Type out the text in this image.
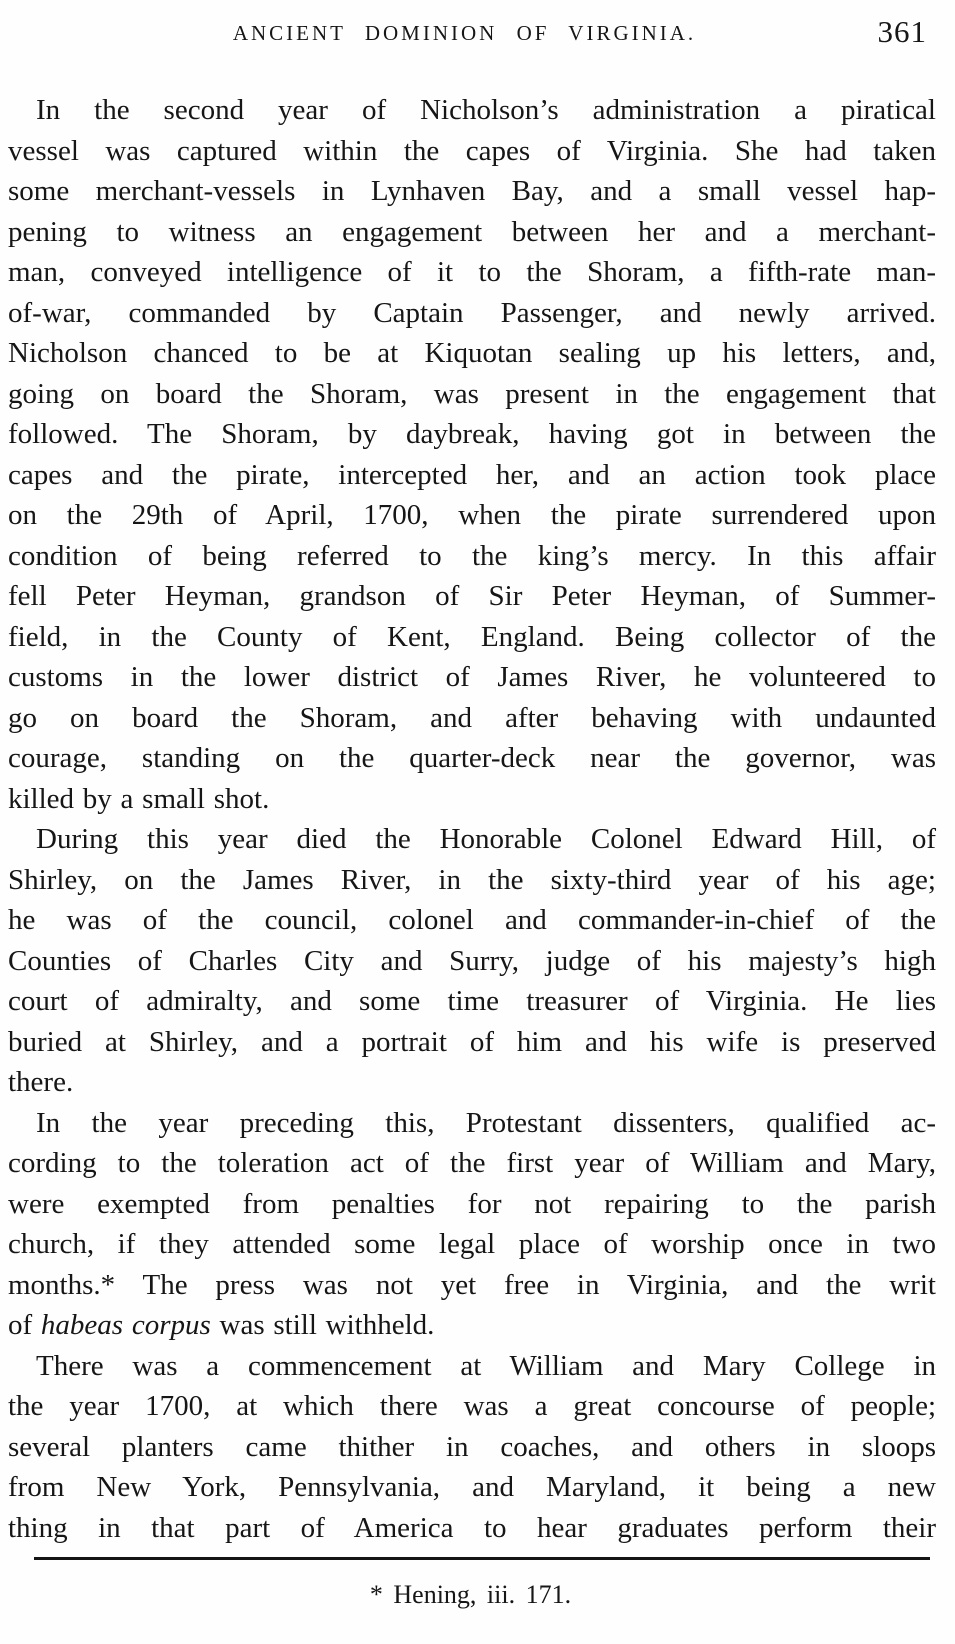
ANCIENT DOMINION OF VIRGINIA.	361
In the second year of Nicholson’s administration a piratical
vessel was captured within the capes of Virginia. She had taken
some merchant-vessels in Lynhaven Bay, and a small vessel hap-
pening to witness an engagement between her and a merchant-
man, conveyed intelligence of it to the Shoram, a fifth-rate man-
of-war, commanded by Captain Passenger, and newly arrived.
Nicholson chanced to be at Kiquotan sealing up his letters, and,
going on board the Shoram, was present in the engagement that
followed. The Shoram, by daybreak, having got in between the
capes and the pirate, intercepted her, and an action took place
on the 29th of April, 1700, when the pirate surrendered upon
condition of being referred to the king’s mercy. In this affair
fell Peter Heyman, grandson of Sir Peter Heyman, of Summer-
field, in the County of Kent, England. Being collector of the
customs in the lower district of James River, he volunteered to
go on board the Shoram, and after behaving with undaunted
courage, standing on the quarter-deck near the governor, was
killed by a small shot.
During this year died the Honorable Colonel Edward Hill, of
Shirley, on the James River, in the sixty-third year of his age;
he was of the council, colonel and commander-in-chief of the
Counties of Charles City and Surry, judge of his majesty’s high
court of admiralty, and some time treasurer of Virginia. He lies
buried at Shirley, and a portrait of him and his wife is preserved
there.
In the year preceding this, Protestant dissenters, qualified ac-
cording to the toleration act of the first year of William and Mary,
were exempted from penalties for not repairing to the parish
church, if they attended some legal place of worship once in two
months.* The press was not yet free in Virginia, and the writ
of habeas corpus was still withheld.
There was a commencement at William and Mary College in
the year 1700, at which there was a great concourse of people;
several planters came thither in coaches, and others in sloops
from New York, Pennsylvania, and Maryland, it being a new
thing in that part of America to hear graduates perform their
* Hening, iii. 171.
